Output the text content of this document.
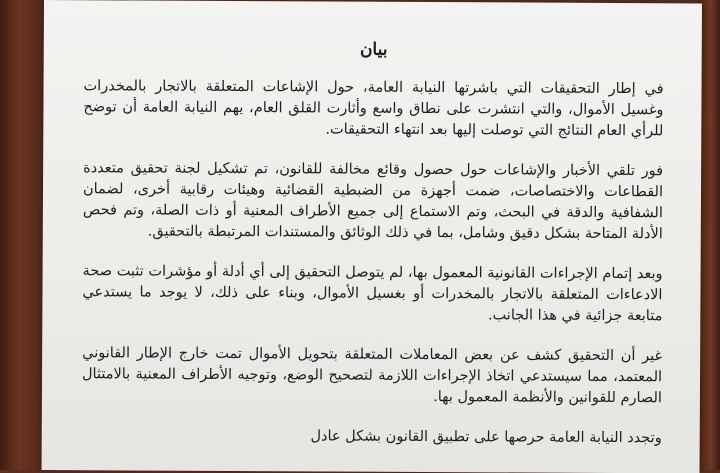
بيان

في إطار التحقيقات التي باشرتها النيابة العامة، حول الإشاعات المتعلقة بالاتجار بالمخدرات وغسيل الأموال، والتي انتشرت على نطاق واسع وأثارت القلق العام، يهم النيابة العامة أن توضح للرأي العام النتائج التي توصلت إليها بعد انتهاء التحقيقات.

فور تلقي الأخبار والإشاعات حول حصول وقائع مخالفة للقانون، تم تشكيل لجنة تحقيق متعددة القطاعات والاختصاصات، ضمت أجهزة من الضبطية القضائية وهيئات رقابية أخرى، لضمان الشفافية والدقة في البحث، وتم الاستماع إلى جميع الأطراف المعنية أو ذات الصلة، وتم فحص الأدلة المتاحة بشكل دقيق وشامل، بما في ذلك الوثائق والمستندات المرتبطة بالتحقيق.

وبعد إتمام الإجراءات القانونية المعمول بها، لم يتوصل التحقيق إلى أي أدلة أو مؤشرات تثبت صحة الادعاءات المتعلقة بالاتجار بالمخدرات أو بغسيل الأموال، وبناء على ذلك، لا يوجد ما يستدعي متابعة جزائية في هذا الجانب.

غير أن التحقيق كشف عن بعض المعاملات المتعلقة بتحويل الأموال تمت خارج الإطار القانوني المعتمد، مما سيستدعي اتخاذ الإجراءات اللازمة لتصحيح الوضع، وتوجيه الأطراف المعنية بالامتثال الصارم للقوانين والأنظمة المعمول بها.

وتجدد النيابة العامة حرصها على تطبيق القانون بشكل عادل
